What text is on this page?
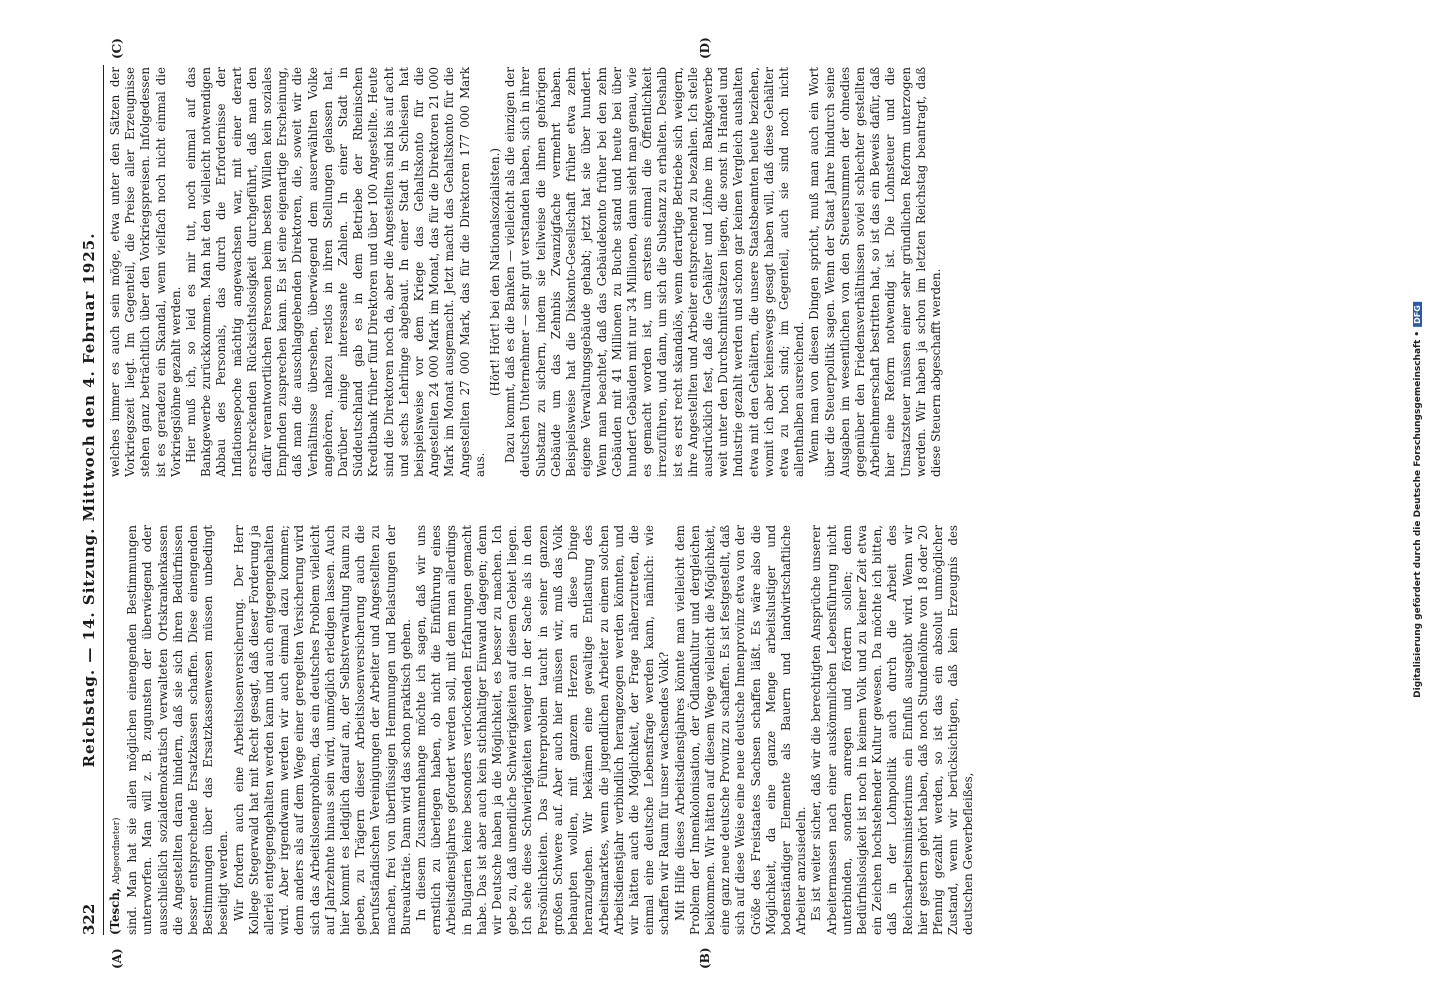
322
Reichstag. — 14. Sitzung. Mittwoch den 4. Februar 1925.

(Tesch, Abgeordneter) sind. Man hat sie allen möglichen einengenden Bestimmungen unterworfen. Man will z. B. zugunsten der überwiegend oder ausschließlich sozialdemokratisch verwalteten Ortskrankenkassen die Angestellten daran hindern, daß sie sich ihren Bedürfnissen besser entsprechende Ersatzkassen schaffen. Diese einengenden Bestimmungen über das Ersatzkassenwesen müssen unbedingt beseitigt werden. Wir fordern auch eine Arbeitslosenversicherung. Der Herr Kollege Stegerwald hat mit Recht gesagt, daß dieser Forderung ja allerlei entgegengehalten werden kann und auch entgegengehalten wird. Aber irgendwann werden wir auch einmal dazu kommen; denn anders als auf dem Wege einer geregelten Versicherung wird sich das Arbeitslosenproblem, das ein deutsches Problem vielleicht auf Jahrzehnte hinaus sein wird, unmöglich erledigen lassen. Auch hier kommt es lediglich darauf an, der Selbstverwaltung Raum zu geben, zu Trägern dieser Arbeitslosenversicherung auch die berufsständischen Vereinigungen der Arbeiter und Angestellten zu machen, frei von überflüssigen Hemmungen und Belastungen der Bureaukratie. Dann wird das schon praktisch gehen. In diesem Zusammenhange möchte ich sagen, daß wir uns ernstlich zu überlegen haben, ob nicht die Einführung eines Arbeitsdienstjahres gefordert werden soll, mit dem man allerdings in Bulgarien keine besonders verlockenden Erfahrungen gemacht habe. Das ist aber auch kein stichhaltiger Einwand dagegen; denn wir Deutsche haben ja die Möglichkeit, es besser zu machen. Ich gebe zu, daß unendliche Schwierigkeiten auf diesem Gebiet liegen. Ich sehe diese Schwierigkeiten weniger in der Sache als in den Persönlichkeiten. Das Führerproblem taucht in seiner ganzen großen Schwere auf. Aber auch hier müssen wir, muß das Volk behaupten wollen, mit ganzem Herzen an diese Dinge heranzugehen. Wir bekämen eine gewaltige Entlastung des Arbeitsmarktes, wenn die jugendlichen Arbeiter zu einem solchen Arbeitsdienstjahr verbindlich herangezogen werden könnten, und wir hätten auch die Möglichkeit, der Frage näherzutreten, die einmal eine deutsche Lebensfrage werden kann, nämlich: wie schaffen wir Raum für unser wachsendes Volk? Mit Hilfe dieses Arbeitsdienstjahres könnte man vielleicht dem Problem der Innenkolonisation, der Ödlandkultur und dergleichen beikommen. Wir hätten auf diesem Wege vielleicht die Möglichkeit, eine ganz neue deutsche Provinz zu schaffen. Es ist festgestellt, daß sich auf diese Weise eine neue deutsche Innenprovinz etwa von der Größe des Freistaates Sachsen schaffen läßt. Es wäre also die Möglichkeit, da eine ganze Menge arbeitslustiger und bodenständiger Elemente als Bauern und landwirtschaftliche Arbeiter anzusiedeln. Es ist weiter sicher, daß wir die berechtigten Ansprüche unserer Arbeitermassen nach einer auskömmlichen Lebensführung nicht unterbinden, sondern anregen und fördern sollen; denn Bedürfnislosigkeit ist noch in keinem Volk und zu keiner Zeit etwa ein Zeichen hochstehender Kultur gewesen. Da möchte ich bitten, daß in der Lohnpolitik auch durch die Arbeit des Reichsarbeitsministeriums ein Einfluß ausgeübt wird. Wenn wir hier gestern gehört haben, daß noch Stundenlöhne von 18 oder 20 Pfennig gezahlt werden, so ist das ein absolut unmöglicher Zustand, wenn wir berücksichtigen, daß kein Erzeugnis des deutschen Gewerbefleißes,

welches immer es auch sein möge, etwa unter den Sätzen der Vorkriegszeit liegt. Im Gegenteil, die Preise aller Erzeugnisse stehen ganz beträchtlich über den Vorkriegspreisen. Infolgedessen ist es geradezu ein Skandal, wenn vielfach noch nicht einmal die Vorkriegslöhne gezahlt werden. Hier muß ich, so leid es mir tut, noch einmal auf das Bankgewerbe zurückkommen. Man hat den vielleicht notwendigen Abbau des Personals, das durch die Erfordernisse der Inflationsepoche mächtig angewachsen war, mit einer derart erschreckenden Rücksichtslosigkeit durchgeführt, daß man den dafür verantwortlichen Personen beim besten Willen kein soziales Empfinden zusprechen kann. Es ist eine eigenartige Erscheinung, daß man die ausschlaggebenden Direktoren, die, soweit wir die Verhältnisse übersehen, überwiegend dem auserwählten Volke angehören, nahezu restlos in ihren Stellungen gelassen hat. Darüber einige interessante Zahlen. In einer Stadt in Süddeutschland gab es in dem Betriebe der Rheinischen Kreditbank früher fünf Direktoren und über 100 Angestellte. Heute sind die Direktoren noch da, aber die Angestellten sind bis auf acht und sechs Lehrlinge abgebaut. In einer Stadt in Schlesien hat beispielsweise vor dem Kriege das Gehaltskonto für die Angestellten 24 000 Mark im Monat, das für die Direktoren 21 000 Mark im Monat ausgemacht. Jetzt macht das Gehaltskonto für die Angestellten 27 000 Mark, das für die Direktoren 177 000 Mark aus.

(Hört! Hört! bei den Nationalsozialisten.) Dazu kommt, daß es die Banken — vielleicht als die einzigen der deutschen Unternehmer — sehr gut verstanden haben, sich in ihrer Substanz zu sichern, indem sie teilweise die ihnen gehörigen Gebäude um das Zehnbis Zwanzigfache vermehrt haben. Beispielsweise hat die Diskonto-Gesellschaft früher etwa zehn eigene Verwaltungsgebäude gehabt; jetzt hat sie über hundert. Wenn man beachtet, daß das Gebäudekonto früher bei den zehn Gebäuden mit 41 Millionen zu Buche stand und heute bei über hundert Gebäuden mit nur 34 Millionen, dann sieht man genau, wie es gemacht worden ist, um erstens einmal die Öffentlichkeit irrezuführen, und dann, um sich die Substanz zu erhalten. Deshalb ist es erst recht skandalös, wenn derartige Betriebe sich weigern, ihre Angestellten und Arbeiter entsprechend zu bezahlen. Ich stelle ausdrücklich fest, daß die Gehälter und Löhne im Bankgewerbe weit unter den Durchschnittssätzen liegen, die sonst in Handel und Industrie gezahlt werden und schon gar keinen Vergleich aushalten etwa mit den Gehältern, die unsere Staatsbeamten heute beziehen, womit ich aber keineswegs gesagt haben will, daß diese Gehälter etwa zu hoch sind; im Gegenteil, auch sie sind noch nicht allenthalben ausreichend. Wenn man von diesen Dingen spricht, muß man auch ein Wort über die Steuerpolitik sagen. Wenn der Staat Jahre hindurch seine Ausgaben im wesentlichen von den Steuersummen der ohnedies gegenüber den Friedensverhältnissen soviel schlechter gestellten Arbeitnehmerschaft bestritten hat, so ist das ein Beweis dafür, daß hier eine Reform notwendig ist. Die Lohnsteuer und die Umsatzsteuer müssen einer sehr gründlichen Reform unterzogen werden. Wir haben ja schon im letzten Reichstag beantragt, daß diese Steuern abgeschafft werden.

(A)	(B)
(C)	(D)
Digitalisierung gefördert durch die Deutsche Forschungsgemeinschaft •DFG
